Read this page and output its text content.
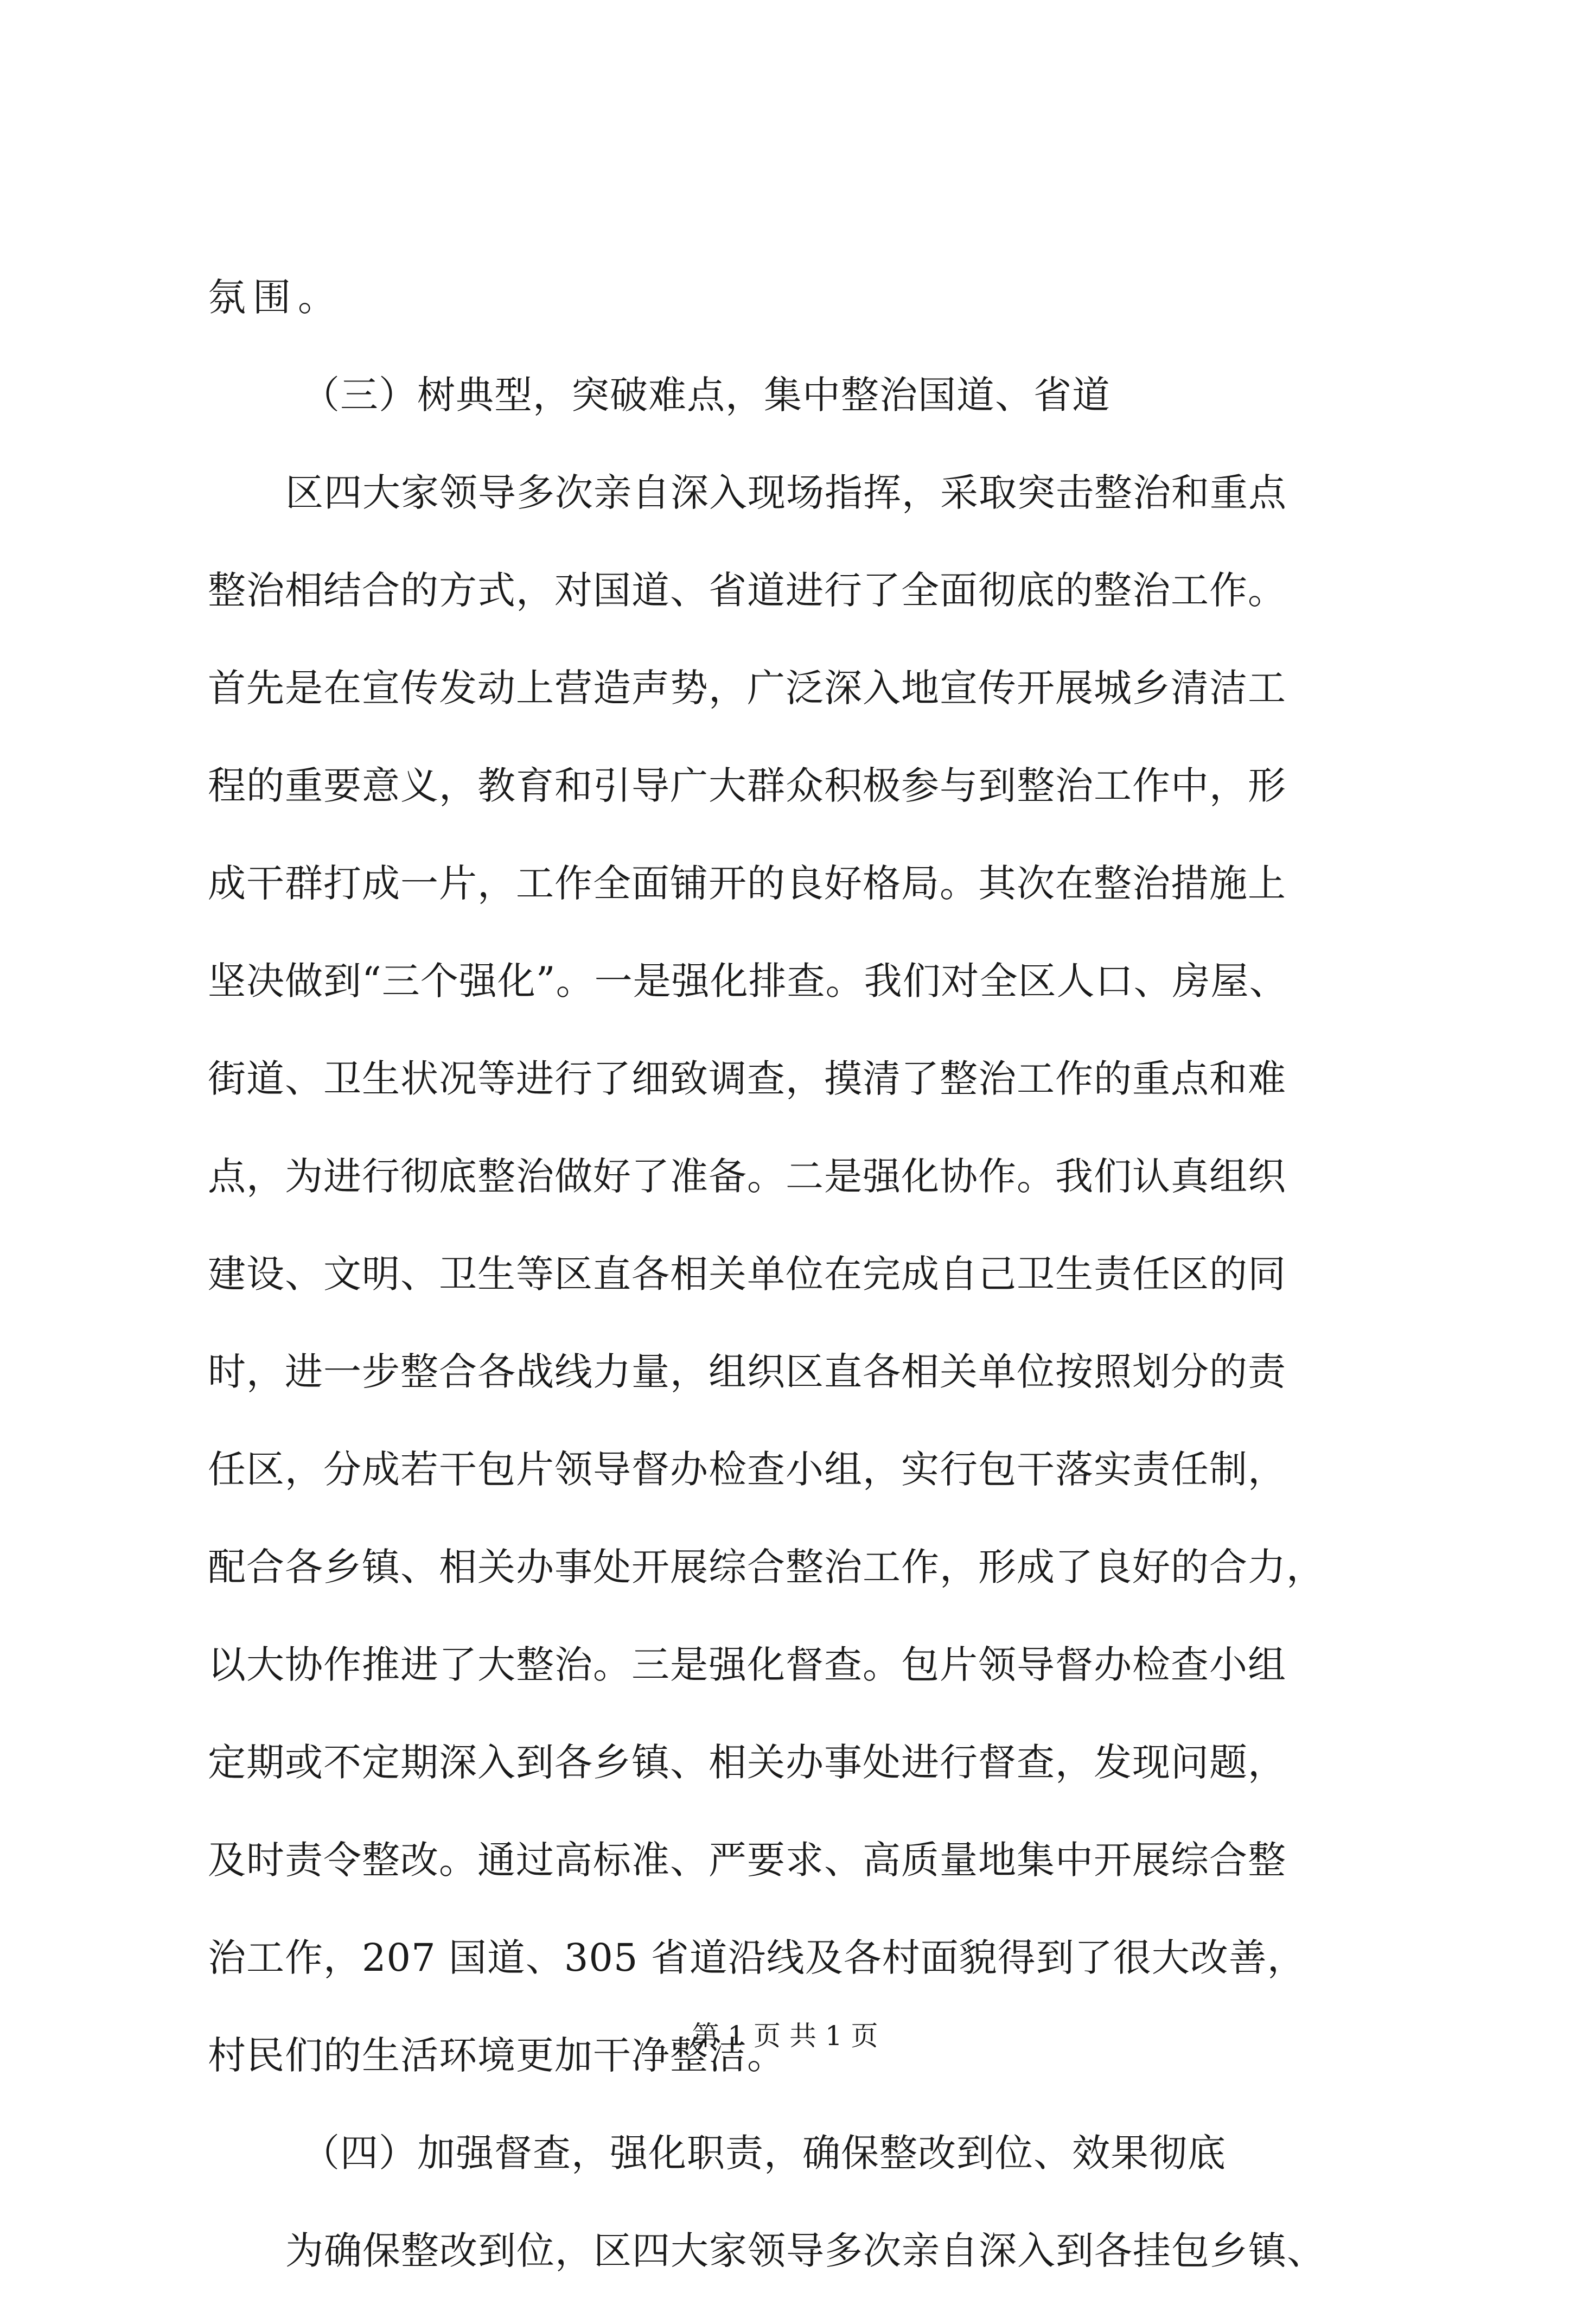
氛围。
（三）树典型，突破难点，集中整治国道、省道
区四大家领导多次亲自深入现场指挥，采取突击整治和重点
整治相结合的方式，对国道、省道进行了全面彻底的整治工作。
首先是在宣传发动上营造声势，广泛深入地宣传开展城乡清洁工
程的重要意义，教育和引导广大群众积极参与到整治工作中，形
成干群打成一片，工作全面铺开的良好格局。其次在整治措施上
坚决做到“三个强化”。一是强化排查。我们对全区人口、房屋、
街道、卫生状况等进行了细致调查，摸清了整治工作的重点和难
点，为进行彻底整治做好了准备。二是强化协作。我们认真组织
建设、文明、卫生等区直各相关单位在完成自己卫生责任区的同
时，进一步整合各战线力量，组织区直各相关单位按照划分的责
任区，分成若干包片领导督办检查小组，实行包干落实责任制，
配合各乡镇、相关办事处开展综合整治工作，形成了良好的合力，
以大协作推进了大整治。三是强化督查。包片领导督办检查小组
定期或不定期深入到各乡镇、相关办事处进行督查，发现问题，
及时责令整改。通过高标准、严要求、高质量地集中开展综合整
治工作，207 国道、305 省道沿线及各村面貌得到了很大改善，
村民们的生活环境更加干净整洁。
（四）加强督查，强化职责，确保整改到位、效果彻底
为确保整改到位，区四大家领导多次亲自深入到各挂包乡镇、
第 1 页 共 1 页
